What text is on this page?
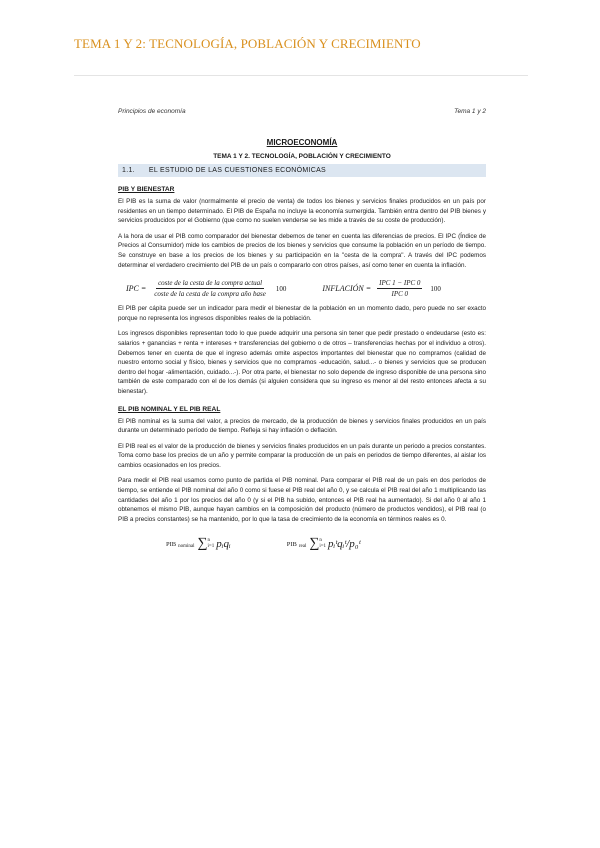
TEMA 1 Y 2: TECNOLOGÍA, POBLACIÓN Y CRECIMIENTO
Principios de economía	Tema 1 y 2
MICROECONOMÍA
TEMA 1 Y 2. TECNOLOGÍA, POBLACIÓN Y CRECIMIENTO
1.1. EL ESTUDIO DE LAS CUESTIONES ECONÓMICAS
PIB Y BIENESTAR

El PIB es la suma de valor (normalmente el precio de venta) de todos los bienes y servicios finales producidos en un país por residentes en un tiempo determinado. El PIB de España no incluye la economía sumergida. También entra dentro del PIB bienes y servicios producidos por el Gobierno (que como no suelen venderse se les mide a través de su coste de producción).

A la hora de usar el PIB como comparador del bienestar debemos de tener en cuenta las diferencias de precios. El IPC (Índice de Precios al Consumidor) mide los cambios de precios de los bienes y servicios que consume la población en un período de tiempo. Se construye en base a los precios de los bienes y su participación en la "cesta de la compra". A través del IPC podemos determinar el verdadero crecimiento del PIB de un país o compararlo con otros países, así como tener en cuenta la inflación.

IPC = $\frac{\text{coste de la cesta de la compra actual}}{\text{coste de la cesta de la compra año base}} 100$	INFLACIÓN = $\frac{\text{IPC 1 − IPC 0}}{\text{IPC 0}} 100$

El PIB per cápita puede ser un indicador para medir el bienestar de la población en un momento dado, pero puede no ser exacto porque no representa los ingresos disponibles reales de la población.

Los ingresos disponibles representan todo lo que puede adquirir una persona sin tener que pedir prestado o endeudarse (esto es: salarios + ganancias + renta + intereses + transferencias del gobierno o de otros – transferencias hechas por el individuo a otros). Debemos tener en cuenta de que el ingreso además omite aspectos importantes del bienestar que no compramos (calidad de nuestro entorno social y físico, bienes y servicios que no compramos -educación, salud...- o bienes y servicios que se producen dentro del hogar -alimentación, cuidado...-). Por otra parte, el bienestar no solo depende de ingreso disponible de una persona sino también de este comparado con el de los demás (si alguien considera que su ingreso es menor al del resto entonces afecta a su bienestar).

EL PIB NOMINAL Y EL PIB REAL

El PIB nominal es la suma del valor, a precios de mercado, de la producción de bienes y servicios finales producidos en un país durante un determinado período de tiempo. Refleja si hay inflación o deflación.

El PIB real es el valor de la producción de bienes y servicios finales producidos en un país durante un periodo a precios constantes. Toma como base los precios de un año y permite comparar la producción de un país en periodos de tiempo diferentes, al aislar los cambios ocasionados en los precios.

Para medir el PIB real usamos como punto de partida el PIB nominal. Para comparar el PIB real de un país en dos períodos de tiempo, se entiende el PIB nominal del año 0 como si fuese el PIB real del año 0, y se calcula el PIB real del año 1 multiplicando las cantidades del año 1 por los precios del año 0 (y si el PIB ha subido, entonces el PIB real ha aumentado). Si del año 0 al año 1 obtenemos el mismo PIB, aunque hayan cambios en la composición del producto (número de productos vendidos), el PIB real (o PIB a precios constantes) se ha mantenido, por lo que la tasa de crecimiento de la economía en términos reales es 0.

PIB nominal ∑ n
i=1 pᵢqᵢ	PIB real ∑ n
i=1 pᵢᵗqᵢᵗ/p₀ᵗ
